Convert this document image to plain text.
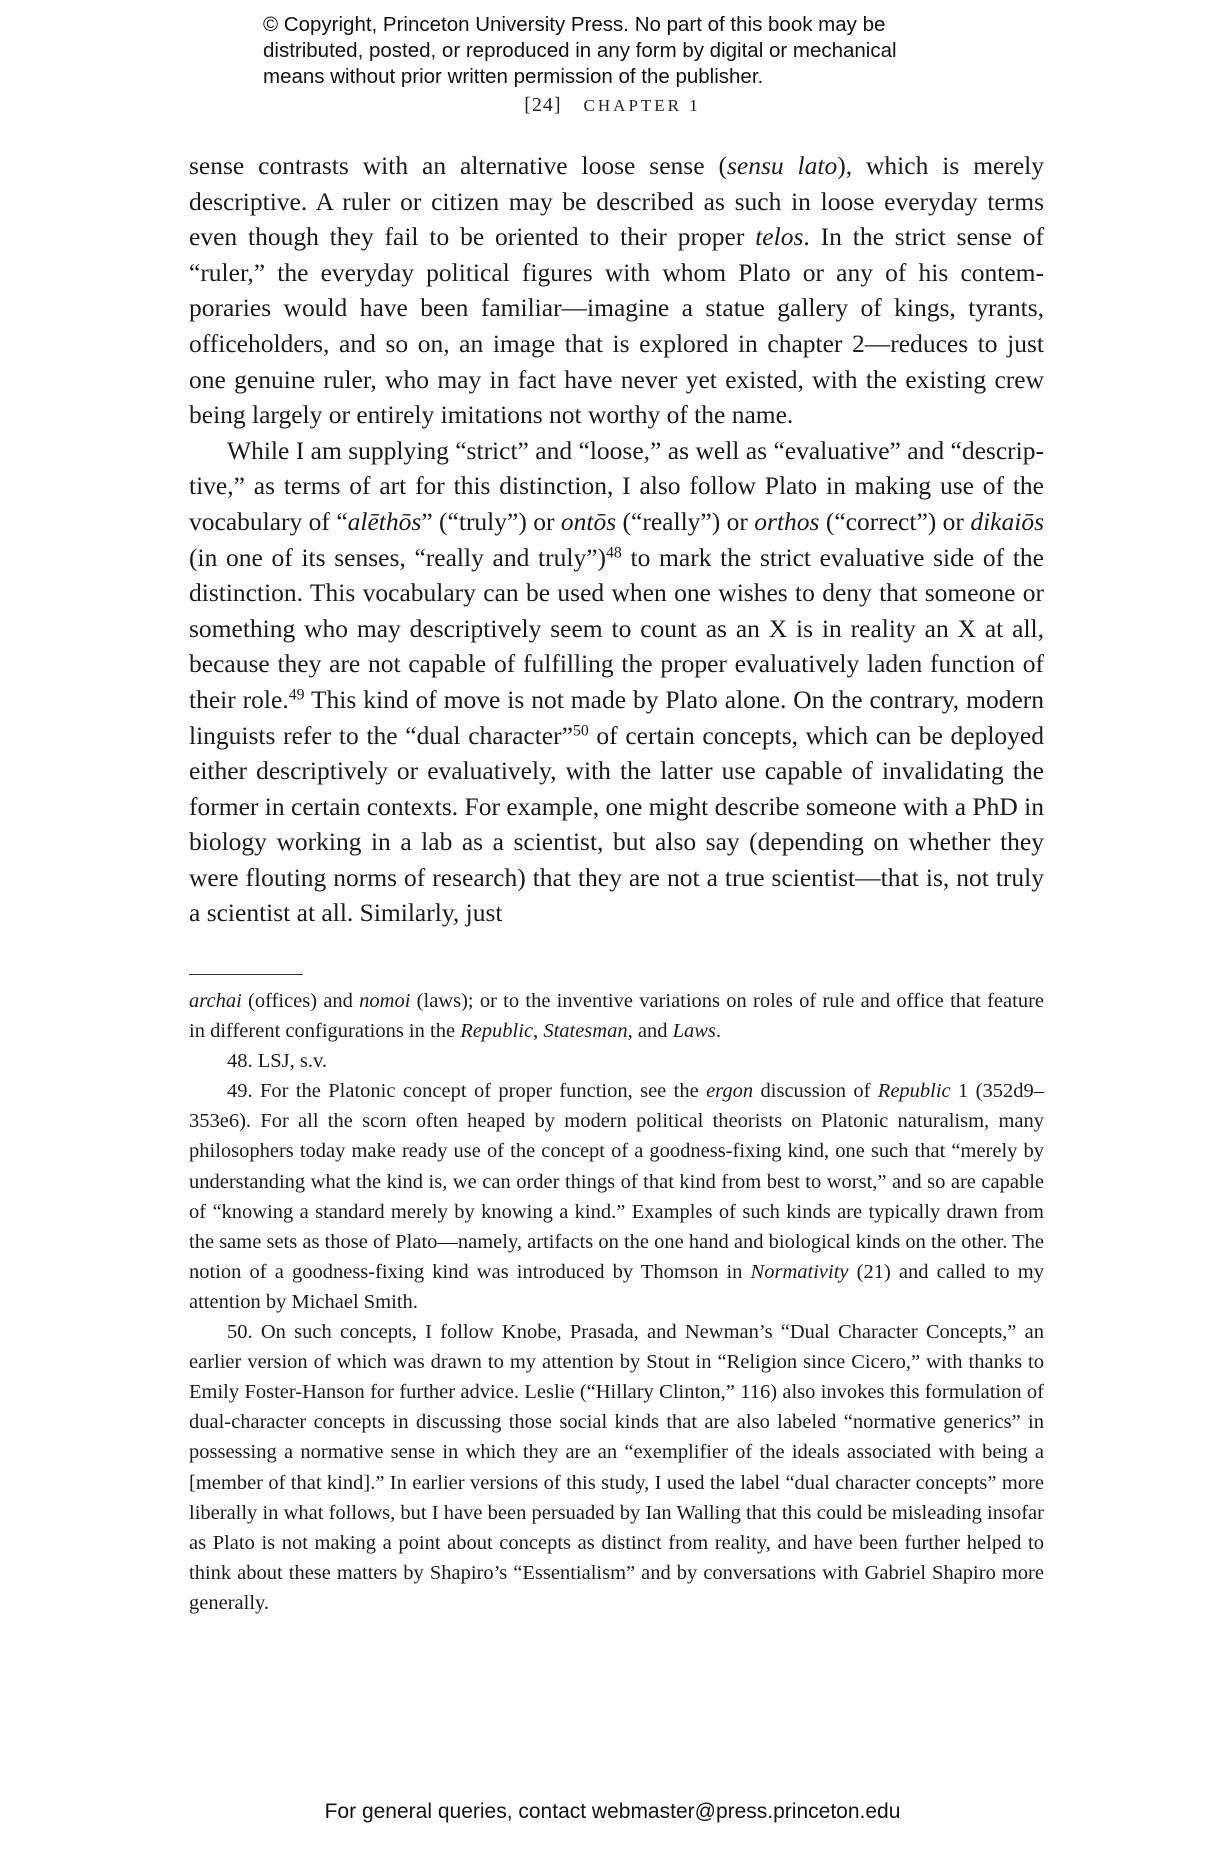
© Copyright, Princeton University Press. No part of this book may be
distributed, posted, or reproduced in any form by digital or mechanical
means without prior written permission of the publisher.
[24] CHAPTER 1

sense contrasts with an alternative loose sense (sensu lato), which is merely descriptive. A ruler or citizen may be described as such in loose everyday terms even though they fail to be oriented to their proper telos. In the strict sense of “ruler,” the everyday political figures with whom Plato or any of his contemporaries would have been familiar—imagine a statue gallery of kings, tyrants, officeholders, and so on, an image that is explored in chapter 2—reduces to just one genuine ruler, who may in fact have never yet existed, with the existing crew being largely or entirely imitations not worthy of the name.

While I am supplying “strict” and “loose,” as well as “evaluative” and “descriptive,” as terms of art for this distinction, I also follow Plato in making use of the vocabulary of “alēthōs” (“truly”) or ontōs (“really”) or orthos (“correct”) or dikaiōs (in one of its senses, “really and truly”)$^{48}$ to mark the strict evaluative side of the distinction. This vocabulary can be used when one wishes to deny that someone or something who may descriptively seem to count as an X is in reality an X at all, because they are not capable of fulfilling the proper evaluatively laden function of their role.$^{49}$ This kind of move is not made by Plato alone. On the contrary, modern linguists refer to the “dual character”$^{50}$ of certain concepts, which can be deployed either descriptively or evaluatively, with the latter use capable of invalidating the former in certain contexts. For example, one might describe someone with a PhD in biology working in a lab as a scientist, but also say (depending on whether they were flouting norms of research) that they are not a true scientist—that is, not truly a scientist at all. Similarly, just

archai (offices) and nomoi (laws); or to the inventive variations on roles of rule and office that feature in different configurations in the Republic, Statesman, and Laws.

48. LSJ, s.v.

49. For the Platonic concept of proper function, see the ergon discussion of Republic 1 (352d9–353e6). For all the scorn often heaped by modern political theorists on Platonic naturalism, many philosophers today make ready use of the concept of a goodness-fixing kind, one such that “merely by understanding what the kind is, we can order things of that kind from best to worst,” and so are capable of “knowing a standard merely by knowing a kind.” Examples of such kinds are typically drawn from the same sets as those of Plato—namely, artifacts on the one hand and biological kinds on the other. The notion of a goodness-fixing kind was introduced by Thomson in Normativity (21) and called to my attention by Michael Smith.

50. On such concepts, I follow Knobe, Prasada, and Newman’s “Dual Character Concepts,” an earlier version of which was drawn to my attention by Stout in “Religion since Cicero,” with thanks to Emily Foster-Hanson for further advice. Leslie (“Hillary Clinton,” 116) also invokes this formulation of dual-character concepts in discussing those social kinds that are also labeled “normative generics” in possessing a normative sense in which they are an “exemplifier of the ideals associated with being a [member of that kind].” In earlier versions of this study, I used the label “dual character concepts” more liberally in what follows, but I have been persuaded by Ian Walling that this could be misleading insofar as Plato is not making a point about concepts as distinct from reality, and have been further helped to think about these matters by Shapiro’s “Essentialism” and by conversations with Gabriel Shapiro more generally.

For general queries, contact webmaster@press.princeton.edu
